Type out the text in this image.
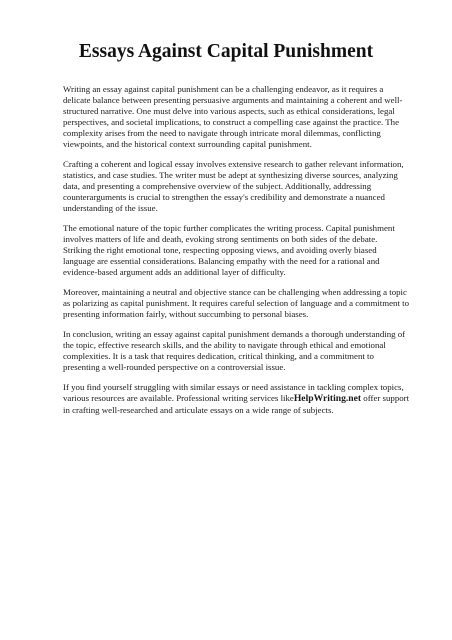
Essays Against Capital Punishment

Writing an essay against capital punishment can be a challenging endeavor, as it requires a
delicate balance between presenting persuasive arguments and maintaining a coherent and well-
structured narrative. One must delve into various aspects, such as ethical considerations, legal
perspectives, and societal implications, to construct a compelling case against the practice. The
complexity arises from the need to navigate through intricate moral dilemmas, conflicting
viewpoints, and the historical context surrounding capital punishment.

Crafting a coherent and logical essay involves extensive research to gather relevant information,
statistics, and case studies. The writer must be adept at synthesizing diverse sources, analyzing
data, and presenting a comprehensive overview of the subject. Additionally, addressing
counterarguments is crucial to strengthen the essay's credibility and demonstrate a nuanced
understanding of the issue.

The emotional nature of the topic further complicates the writing process. Capital punishment
involves matters of life and death, evoking strong sentiments on both sides of the debate.
Striking the right emotional tone, respecting opposing views, and avoiding overly biased
language are essential considerations. Balancing empathy with the need for a rational and
evidence-based argument adds an additional layer of difficulty.

Moreover, maintaining a neutral and objective stance can be challenging when addressing a topic
as polarizing as capital punishment. It requires careful selection of language and a commitment to
presenting information fairly, without succumbing to personal biases.

In conclusion, writing an essay against capital punishment demands a thorough understanding of
the topic, effective research skills, and the ability to navigate through ethical and emotional
complexities. It is a task that requires dedication, critical thinking, and a commitment to
presenting a well-rounded perspective on a controversial issue.

If you find yourself struggling with similar essays or need assistance in tackling complex topics,
various resources are available. Professional writing services likeHelpWriting.net offer support
in crafting well-researched and articulate essays on a wide range of subjects.
